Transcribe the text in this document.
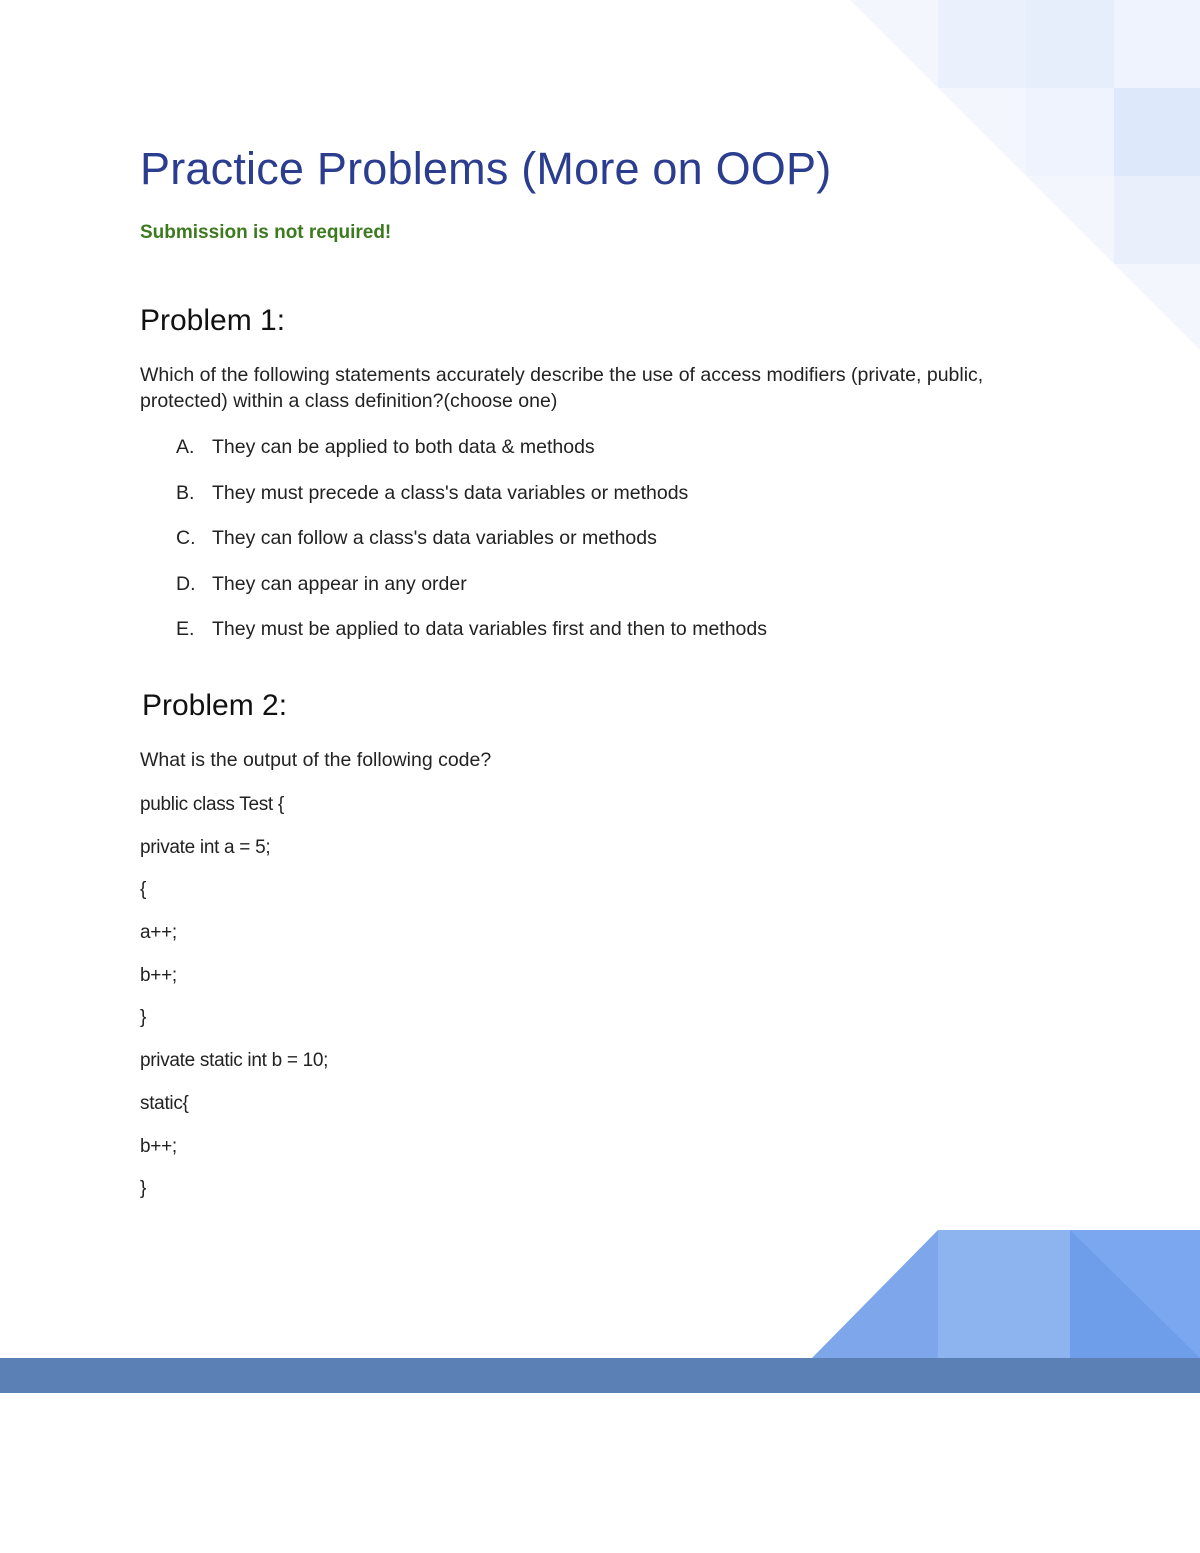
Practice Problems (More on OOP)

Submission is not required!

Problem 1:

Which of the following statements accurately describe the use of access modifiers (private, public, protected) within a class definition?(choose one)

A. They can be applied to both data & methods
B. They must precede a class's data variables or methods
C. They can follow a class's data variables or methods
D. They can appear in any order
E. They must be applied to data variables first and then to methods
Problem 2:

What is the output of the following code?

public class Test {
private int a = 5;
{
a++;
b++;
}
private static int b = 10;
static{
b++;
}
